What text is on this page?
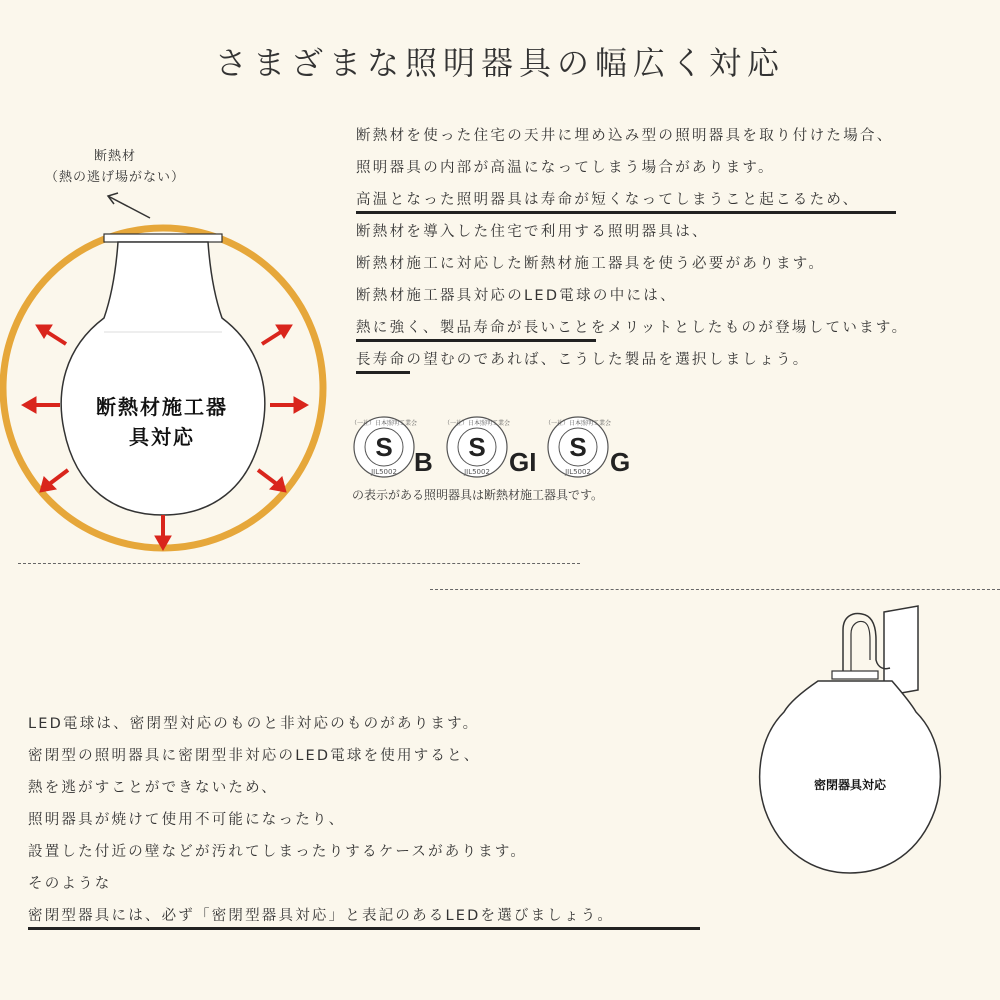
さまざまな照明器具の幅広く対応
断熱材を使った住宅の天井に埋め込み型の照明器具を取り付けた場合、
照明器具の内部が高温になってしまう場合があります。
高温となった照明器具は寿命が短くなってしまうこと起こるため、
断熱材を導入した住宅で利用する照明器具は、
断熱材施工に対応した断熱材施工器具を使う必要があります。
断熱材施工器具対応のLED電球の中には、
熱に強く、製品寿命が長いことをメリットとしたものが登場しています。
長寿命の望むのであれば、こうした製品を選択しましょう。
断熱材
（熱の逃げ場がない）
S
JIL5002
（一社）日本照明工業会
S
JIL5002
（一社）日本照明工業会
S
JIL5002
（一社）日本照明工業会
B	GI	G
の表示がある照明器具は断熱材施工器具です。
断熱材施工器
具対応
LED電球は、密閉型対応のものと非対応のものがあります。
密閉型の照明器具に密閉型非対応のLED電球を使用すると、
熱を逃がすことができないため、
照明器具が焼けて使用不可能になったり、
設置した付近の壁などが汚れてしまったりするケースがあります。
そのような
密閉型器具には、必ず「密閉型器具対応」と表記のあるLEDを選びましょう。
密閉器具対応
